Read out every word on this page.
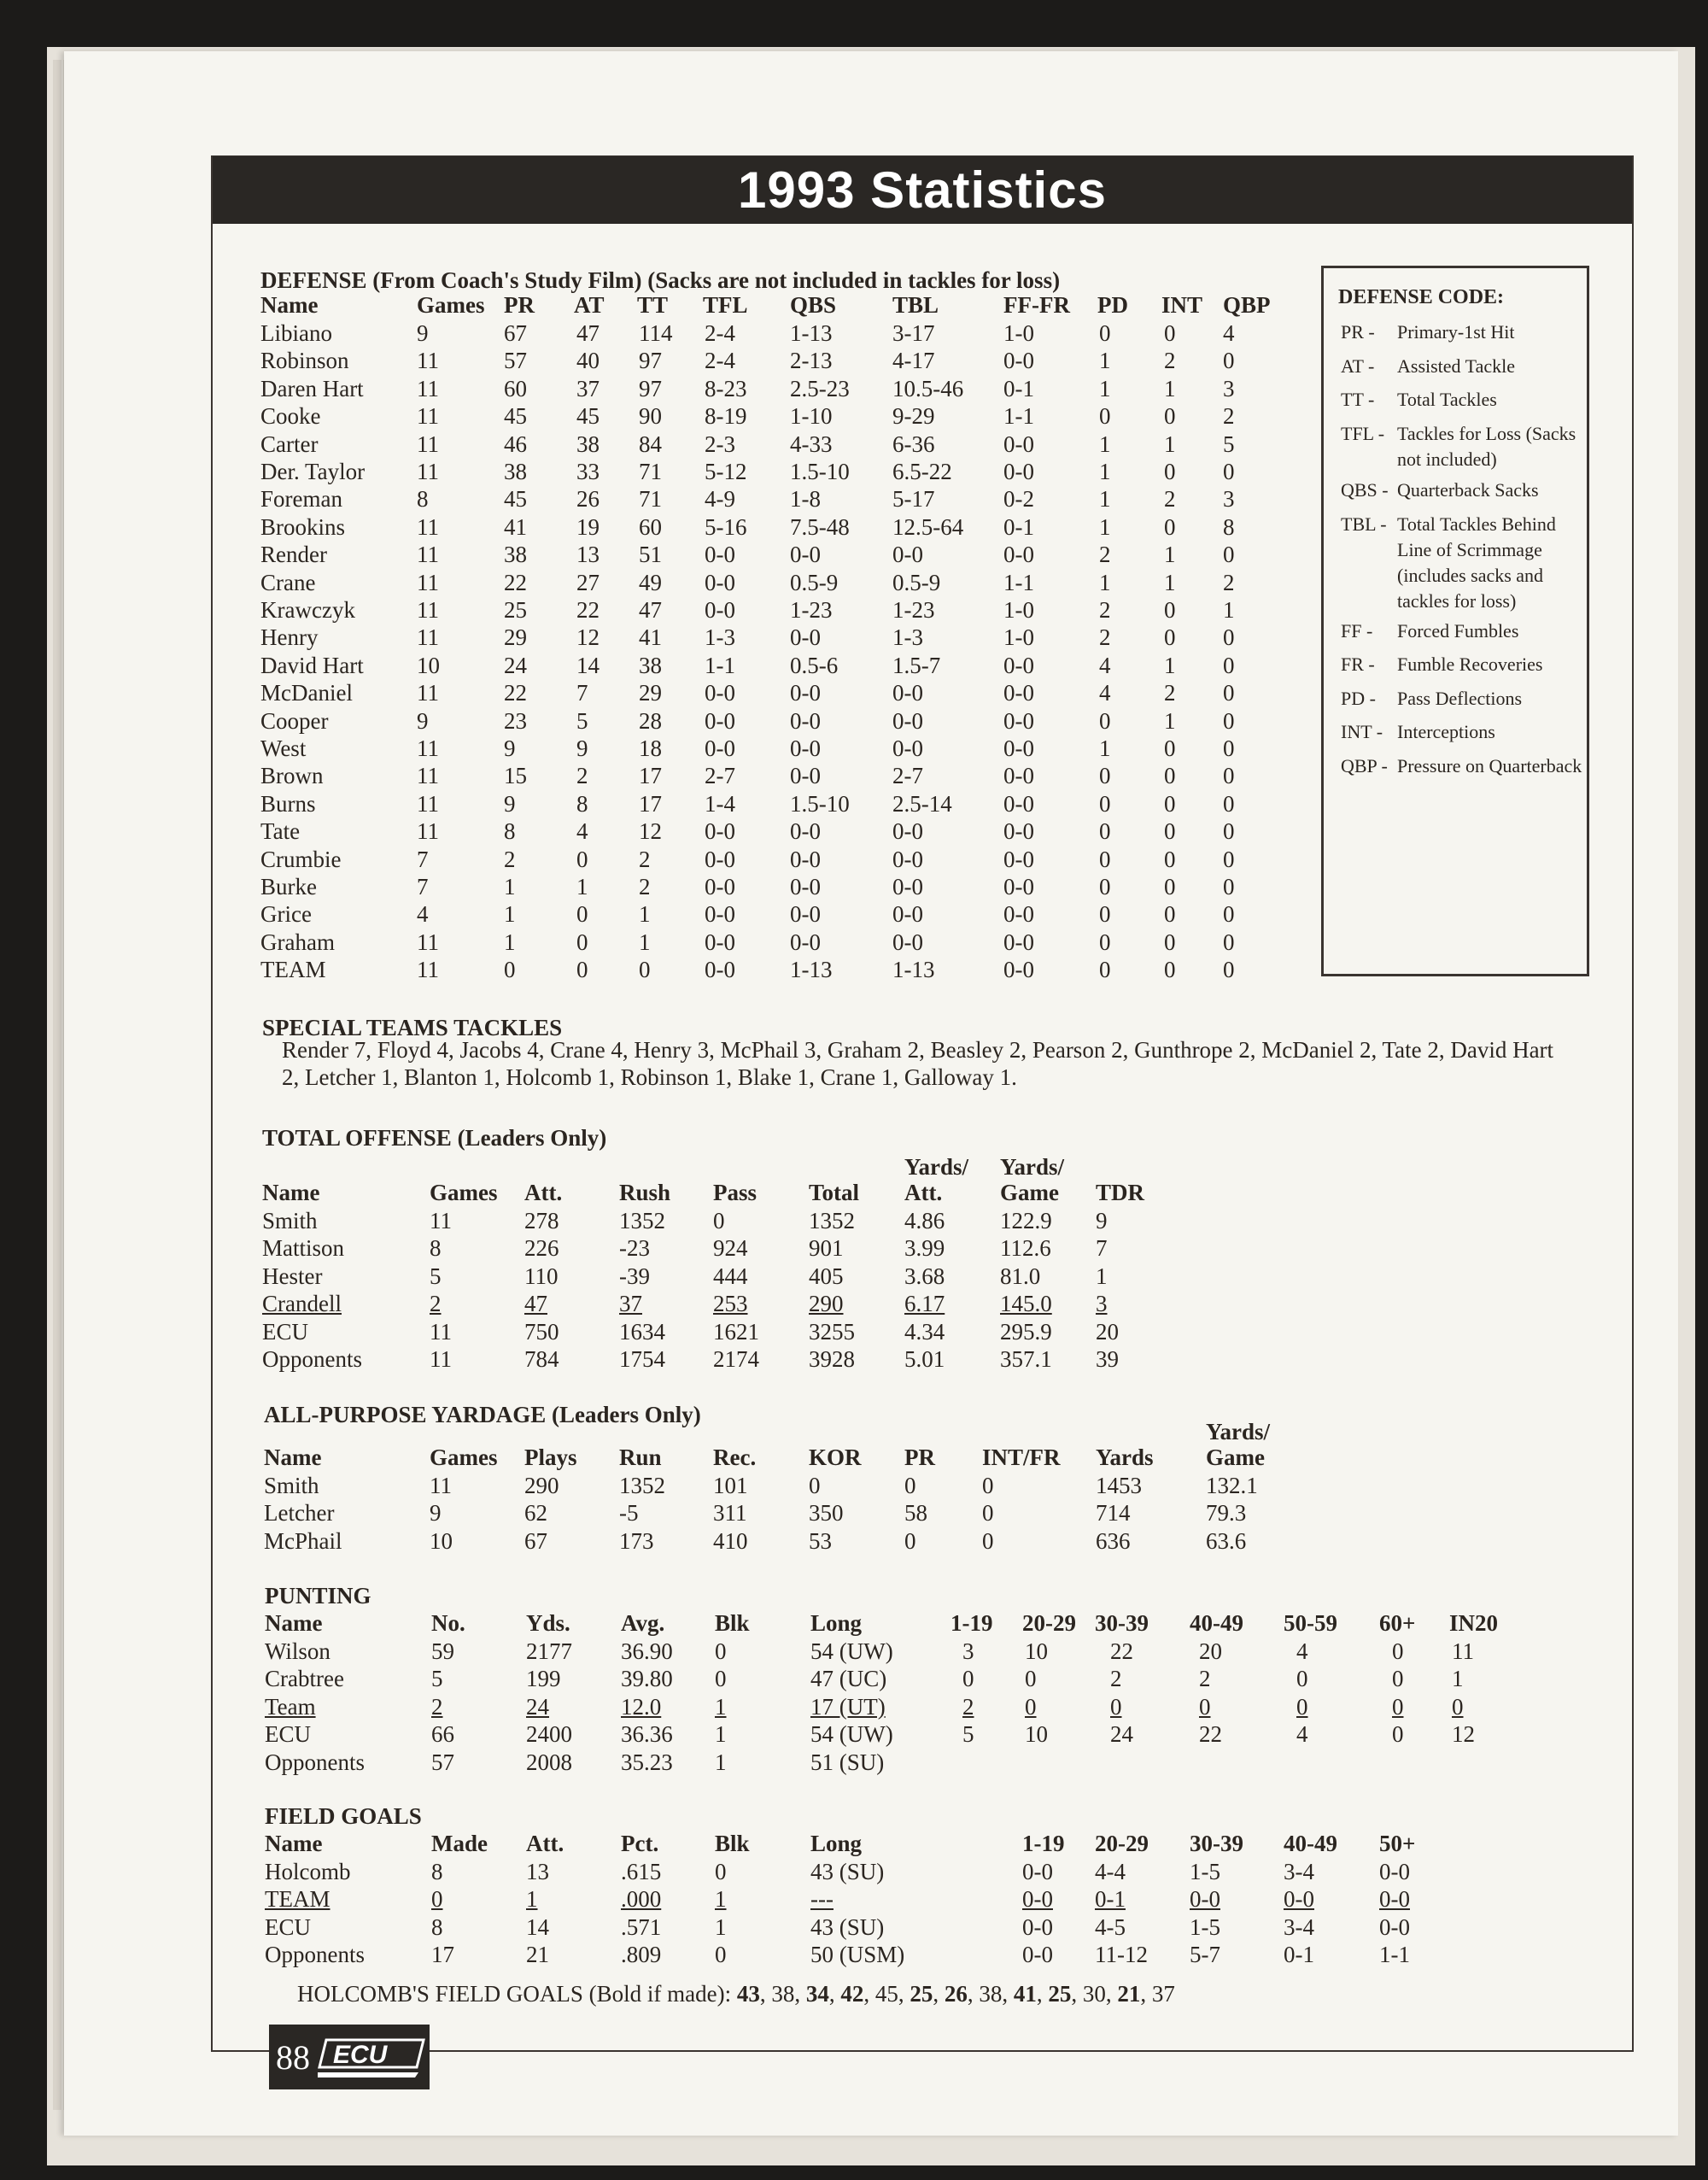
1993 Statistics
DEFENSE (From Coach's Study Film) (Sacks are not included in tackles for loss)
Name	Games PR AT TT TFL QBS TBL	FF-FR PD INT QBP
Libiano	9	67 47 114 2-4 1-13	3-17	1-0	0 0 4
Robinson	11	57 40 97 2-4 2-13	4-17	0-0	1 2 0
Daren Hart 11	60 37 97 8-23 2.5-23 10.5-46 0-1	1 1 3
Cooke	11	45 45 90 8-19 1-10	9-29	1-1	0 0 2
Carter	11	46 38 84 2-3 4-33	6-36	0-0	1 1 5
Der. Taylor 11	38 33 71 5-12 1.5-10 6.5-22 0-0	1 0 0
Foreman	8	45 26 71 4-9 1-8	5-17	0-2	1 2 3
Brookins	11	41 19 60 5-16 7.5-48 12.5-64 0-1	1 0 8
Render	11	38 13 51 0-0 0-0	0-0	0-0	2 1 0
Crane	11	22 27 49 0-0 0.5-9 0.5-9	1-1	1 1 2
Krawczyk	11	25 22 47 0-0 1-23	1-23	1-0	2 0 1
Henry	11	29 12 41 1-3 0-0	1-3	1-0	2 0 0
David Hart 10	24 14 38 1-1 0.5-6 1.5-7	0-0	4 1 0
McDaniel	11	22 7 29 0-0 0-0	0-0	0-0	4 2 0
Cooper	9	23 5 28 0-0 0-0	0-0	0-0	0 1 0
West	11	9	9 18 0-0 0-0	0-0	0-0	1 0 0
Brown	11	15 2 17 2-7 0-0	2-7	0-0	0 0 0
Burns	11	9	8 17 1-4 1.5-10 2.5-14 0-0	0 0 0
Tate	11	8	4 12 0-0 0-0	0-0	0-0	0 0 0
Crumbie	7	2	0 2 0-0 0-0	0-0	0-0	0 0 0
Burke	7	1	1 2 0-0 0-0	0-0	0-0	0 0 0
Grice	4	1	0 1 0-0 0-0	0-0	0-0	0 0 0
Graham	11	1	0 1 0-0 0-0	0-0	0-0	0 0 0
TEAM	11	0	0 0 0-0 1-13	1-13	0-0	0 0 0
DEFENSE CODE:
PR - Primary-1st Hit
AT - Assisted Tackle
TT - Total Tackles
TFL - Tackles for Loss (Sacks not included)
QBS - Quarterback Sacks
TBL - Total Tackles Behind Line of Scrimmage (includes sacks and tackles for loss)
FF - Forced Fumbles
FR - Fumble Recoveries
PD - Pass Deflections
INT - Interceptions
QBP - Pressure on Quarterback
SPECIAL TEAMS TACKLES
Render 7, Floyd 4, Jacobs 4, Crane 4, Henry 3, McPhail 3, Graham 2, Beasley 2, Pearson 2, Gunthrope 2, McDaniel 2, Tate 2, David Hart 2, Letcher 1, Blanton 1, Holcomb 1, Robinson 1, Blake 1, Crane 1, Galloway 1.
TOTAL OFFENSE (Leaders Only)
Yards/ Yards/
Name	Games Att. Rush Pass Total Att.	Game TDR
Smith	11	278	1352 0	1352 4.86 122.9 9
Mattison	8	226	-23	924	901	3.99 112.6 7
Hester	5	110	-39	444	405	3.68 81.0 1
Crandell	2	47	37	253	290	6.17 145.0 3
ECU	11	750	1634 1621 3255 4.34 295.9 20
Opponents	11	784	1754 2174 3928 5.01 357.1 39
ALL-PURPOSE YARDAGE (Leaders Only)
Yards/
Name	Games Plays Run Rec. KOR PR INT/FR Yards Game
Smith	11	290	1352 101	0	0	0	1453	132.1
Letcher	9	62	-5	311	350	58 0	714	79.3
McPhail	10	67	173	410	53	0	0	636	63.6
PUNTING
Name	No.	Yds. Avg. Blk	Long	1-19 20-29 30-39 40-49 50-59 60+ IN20
Wilson	59	2177 36.90 0	54 (UW)	3 10	22	20	4	0 11
Crabtree	5	199	39.80 0	47 (UC)	0 0	2	2	0	0 1
Team	2	24	12.0 1	17 (UT)	2 0	0	0	0	0 0
ECU	66	2400 36.36 1	54 (UW)	5 10	24	22	4	0 12
Opponents	57	2008 35.23 1	51 (SU)
FIELD GOALS
Name	Made Att. Pct. Blk	Long	1-19 20-29 30-39 40-49 50+
Holcomb	8	13	.615 0	43 (SU)	0-0 4-4	1-5	3-4	0-0
TEAM	0	1	.000 1	---	0-0 0-1	0-0	0-0	0-0
ECU	8	14	.571 1	43 (SU)	0-0 4-5	1-5	3-4	0-0
Opponents	17	21	.809 0	50 (USM)	0-0 11-12 5-7	0-1	1-1
HOLCOMB'S FIELD GOALS (Bold if made): 43, 38, 34, 42, 45, 25, 26, 38, 41, 25, 30, 21, 37
88 ECU
